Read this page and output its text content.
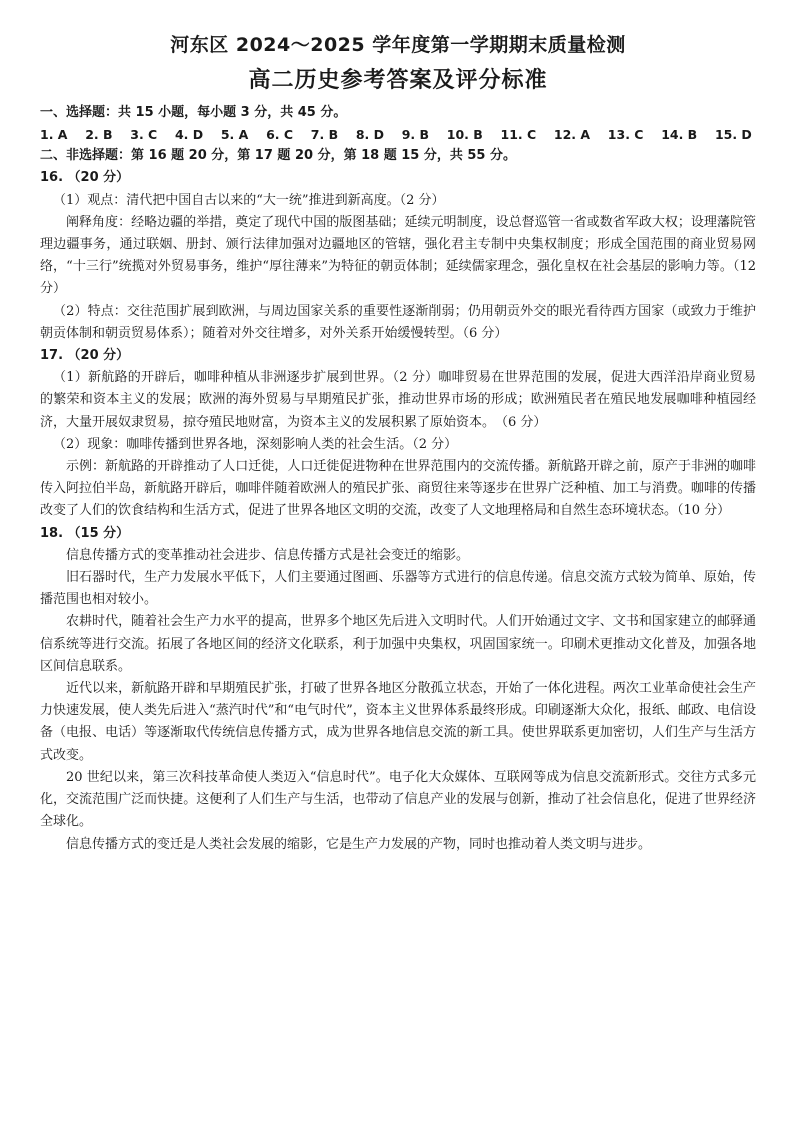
河东区 2024～2025 学年度第一学期期末质量检测
高二历史参考答案及评分标准

一、选择题：共 15 小题，每小题 3 分，共 45 分。

1. A 2. B 3. C 4. D 5. A 6. C 7. B 8. D 9. B 10. B 11. C 12. A 13. C 14. B 15. D

二、非选择题：第 16 题 20 分，第 17 题 20 分，第 18 题 15 分，共 55 分。

16. （20 分）

（1）观点：清代把中国自古以来的“大一统”推进到新高度。（2 分）

阐释角度：经略边疆的举措，奠定了现代中国的版图基础；延续元明制度，设总督巡管一省或数省军政大权；设理藩院管理边疆事务，通过联姻、册封、颁行法律加强对边疆地区的管辖，强化君主专制中央集权制度；形成全国范围的商业贸易网络，“十三行”统揽对外贸易事务，维护“厚往薄来”为特征的朝贡体制；延续儒家理念，强化皇权在社会基层的影响力等。（12 分）

（2）特点：交往范围扩展到欧洲，与周边国家关系的重要性逐渐削弱；仍用朝贡外交的眼光看待西方国家（或致力于维护朝贡体制和朝贡贸易体系）；随着对外交往增多，对外关系开始缓慢转型。（6 分）

17. （20 分）

（1）新航路的开辟后，咖啡种植从非洲逐步扩展到世界。（2 分）咖啡贸易在世界范围的发展，促进大西洋沿岸商业贸易的繁荣和资本主义的发展；欧洲的海外贸易与早期殖民扩张，推动世界市场的形成；欧洲殖民者在殖民地发展咖啡种植园经济，大量开展奴隶贸易，掠夺殖民地财富，为资本主义的发展积累了原始资本。　（6 分）

（2）现象：咖啡传播到世界各地，深刻影响人类的社会生活。（2 分）

示例：新航路的开辟推动了人口迁徙，人口迁徙促进物种在世界范围内的交流传播。新航路开辟之前，原产于非洲的咖啡传入阿拉伯半岛，新航路开辟后，咖啡伴随着欧洲人的殖民扩张、商贸往来等逐步在世界广泛种植、加工与消费。咖啡的传播改变了人们的饮食结构和生活方式，促进了世界各地区文明的交流，改变了人文地理格局和自然生态环境状态。（10 分）

18. （15 分）

信息传播方式的变革推动社会进步、信息传播方式是社会变迁的缩影。

旧石器时代，生产力发展水平低下，人们主要通过图画、乐器等方式进行的信息传递。信息交流方式较为简单、原始，传播范围也相对较小。

农耕时代，随着社会生产力水平的提高，世界多个地区先后进入文明时代。人们开始通过文字、文书和国家建立的邮驿通信系统等进行交流。拓展了各地区间的经济文化联系，利于加强中央集权，巩固国家统一。印刷术更推动文化普及，加强各地区间信息联系。

近代以来，新航路开辟和早期殖民扩张，打破了世界各地区分散孤立状态，开始了一体化进程。两次工业革命使社会生产力快速发展，使人类先后进入“蒸汽时代”和“电气时代”，资本主义世界体系最终形成。印刷逐渐大众化，报纸、邮政、电信设备（电报、电话）等逐渐取代传统信息传播方式，成为世界各地信息交流的新工具。使世界联系更加密切，人们生产与生活方式改变。

20 世纪以来，第三次科技革命使人类迈入“信息时代”。电子化大众媒体、互联网等成为信息交流新形式。交往方式多元化，交流范围广泛而快捷。这便利了人们生产与生活，也带动了信息产业的发展与创新，推动了社会信息化，促进了世界经济全球化。

信息传播方式的变迁是人类社会发展的缩影，它是生产力发展的产物，同时也推动着人类文明与进步。
